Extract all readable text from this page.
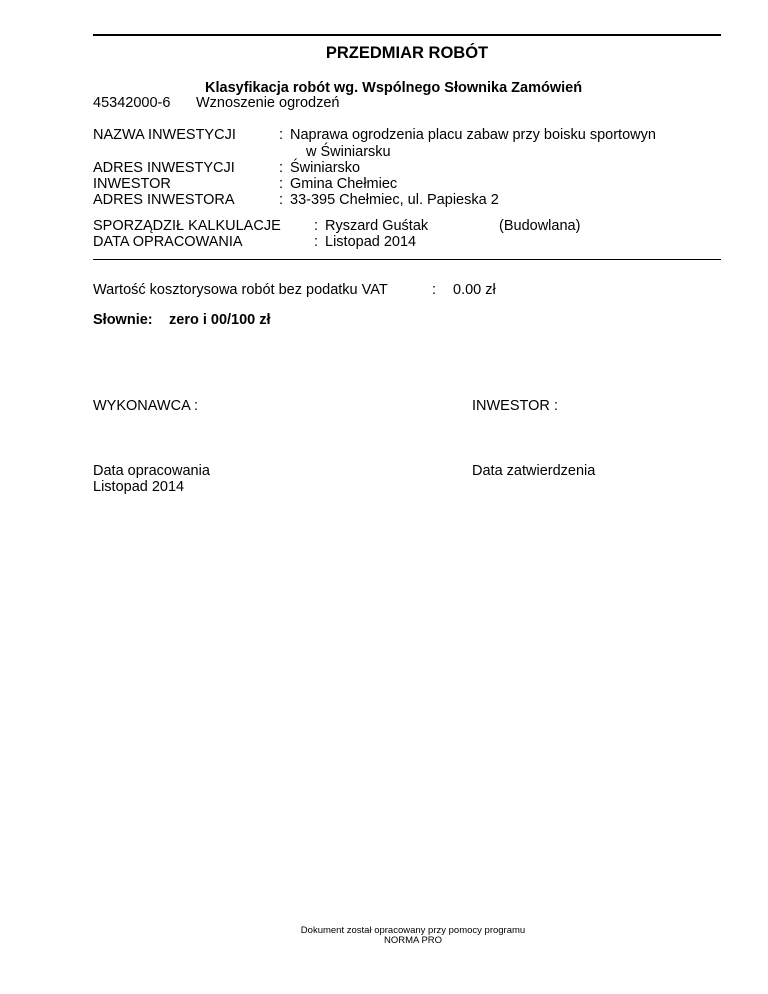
PRZEDMIAR ROBÓT
Klasyfikacja robót wg. Wspólnego Słownika Zamówień
45342000-6 Wznoszenie ogrodzeń
NAZWA INWESTYCJI	: Naprawa ogrodzenia placu zabaw przy boisku sportowyn
w Świniarsku
ADRES INWESTYCJI	: Świniarsko
INWESTOR	: Gmina Chełmiec
ADRES INWESTORA	: 33-395 Chełmiec, ul. Papieska 2
SPORZĄDZIŁ KALKULACJE : Ryszard Guśtak	(Budowlana)
DATA OPRACOWANIA	: Listopad 2014
Wartość kosztorysowa robót bez podatku VAT	: 0.00 zł
Słownie: zero i 00/100 zł
WYKONAWCA :	INWESTOR :
Data opracowania
Listopad 2014
Data zatwierdzenia
Dokument został opracowany przy pomocy programu
NORMA PRO
